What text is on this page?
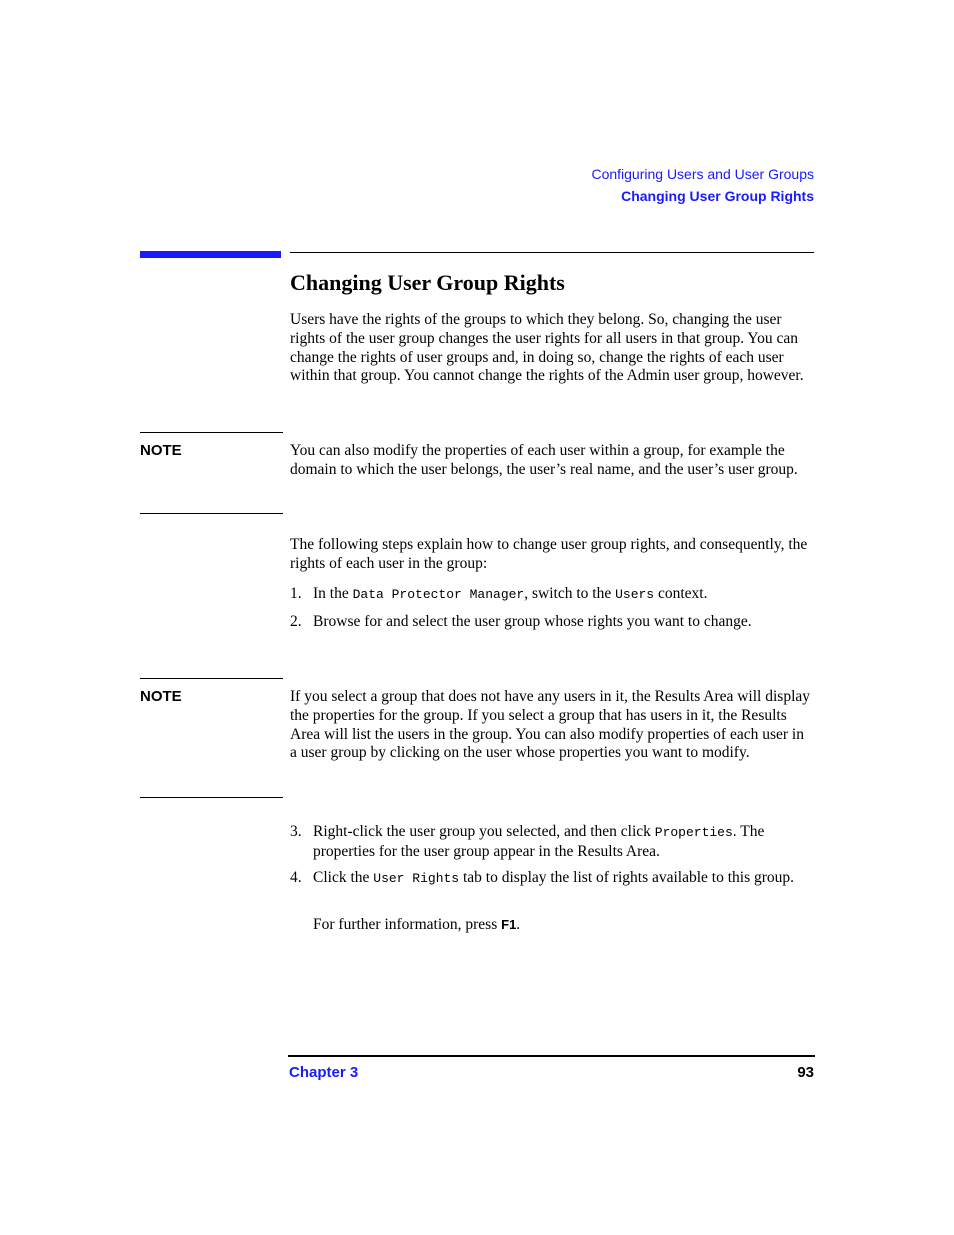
Configuring Users and User Groups
Changing User Group Rights
Changing User Group Rights

Users have the rights of the groups to which they belong. So, changing the user rights of the user group changes the user rights for all users in that group. You can change the rights of user groups and, in doing so, change the rights of each user within that group. You cannot change the rights of the Admin user group, however.

NOTE	You can also modify the properties of each user within a group, for example the domain to which the user belongs, the user’s real name, and the user’s user group.

The following steps explain how to change user group rights, and consequently, the rights of each user in the group:

1. In the Data Protector Manager, switch to the Users context.

2. Browse for and select the user group whose rights you want to change.

NOTE	If you select a group that does not have any users in it, the Results Area will display the properties for the group. If you select a group that has users in it, the Results Area will list the users in the group. You can also modify properties of each user in a user group by clicking on the user whose properties you want to modify.

3. Right-click the user group you selected, and then click Properties. The properties for the user group appear in the Results Area.

4. Click the User Rights tab to display the list of rights available to this group.

For further information, press F1.

Chapter 3	93
